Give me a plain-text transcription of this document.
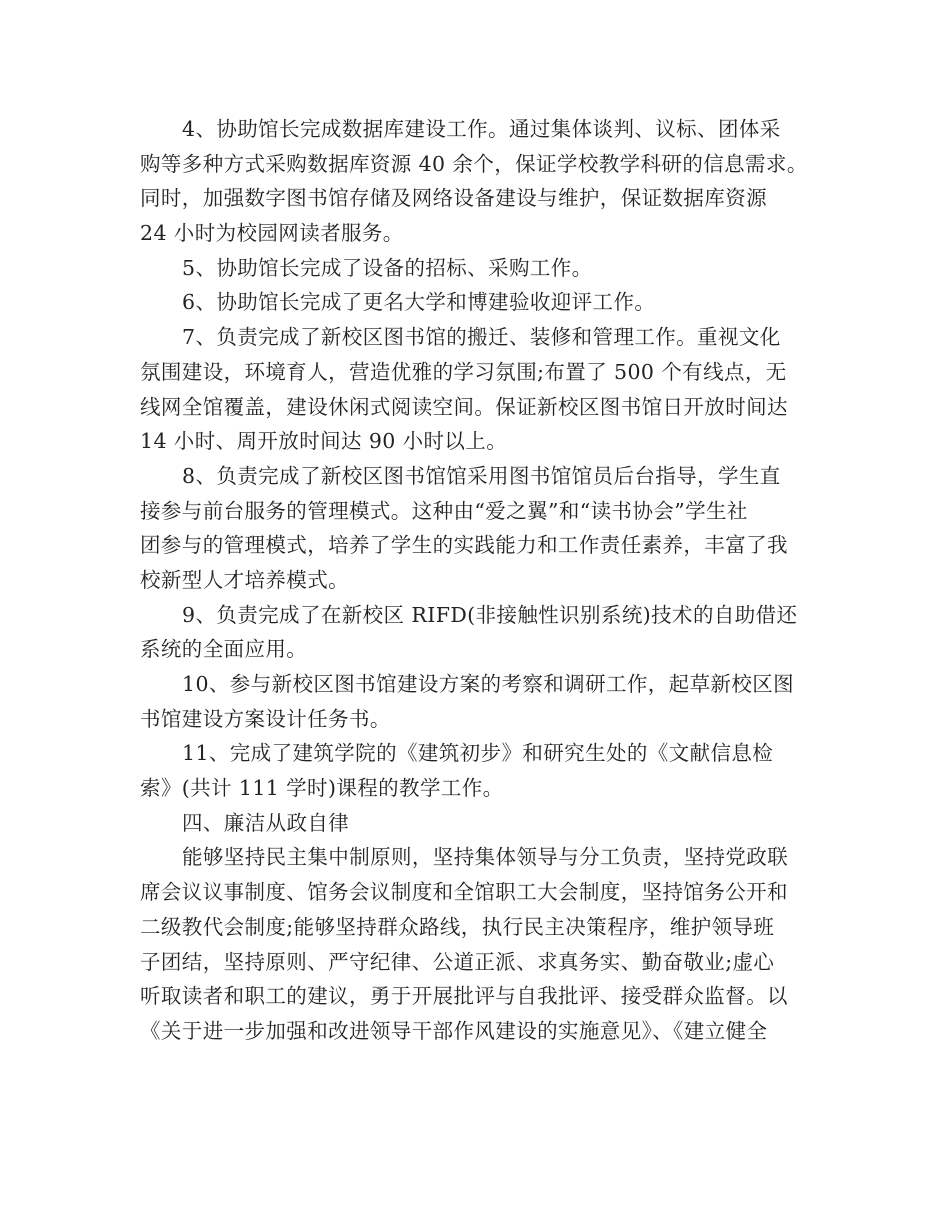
4、协助馆长完成数据库建设工作。通过集体谈判、议标、团体采
购等多种方式采购数据库资源 40 余个，保证学校教学科研的信息需求。
同时，加强数字图书馆存储及网络设备建设与维护，保证数据库资源
24 小时为校园网读者服务。
5、协助馆长完成了设备的招标、采购工作。
6、协助馆长完成了更名大学和博建验收迎评工作。
7、负责完成了新校区图书馆的搬迁、装修和管理工作。重视文化
氛围建设，环境育人，营造优雅的学习氛围;布置了 500 个有线点，无
线网全馆覆盖，建设休闲式阅读空间。保证新校区图书馆日开放时间达
14 小时、周开放时间达 90 小时以上。
8、负责完成了新校区图书馆馆采用图书馆馆员后台指导，学生直
接参与前台服务的管理模式。这种由“爱之翼”和“读书协会”学生社
团参与的管理模式，培养了学生的实践能力和工作责任素养，丰富了我
校新型人才培养模式。
9、负责完成了在新校区 RIFD(非接触性识别系统)技术的自助借还
系统的全面应用。
10、参与新校区图书馆建设方案的考察和调研工作，起草新校区图
书馆建设方案设计任务书。
11、完成了建筑学院的《建筑初步》和研究生处的《文献信息检
索》(共计 111 学时)课程的教学工作。
四、廉洁从政自律
能够坚持民主集中制原则，坚持集体领导与分工负责，坚持党政联
席会议议事制度、馆务会议制度和全馆职工大会制度，坚持馆务公开和
二级教代会制度;能够坚持群众路线，执行民主决策程序，维护领导班
子团结，坚持原则、严守纪律、公道正派、求真务实、勤奋敬业;虚心
听取读者和职工的建议，勇于开展批评与自我批评、接受群众监督。以
《关于进一步加强和改进领导干部作风建设的实施意见》、《建立健全
